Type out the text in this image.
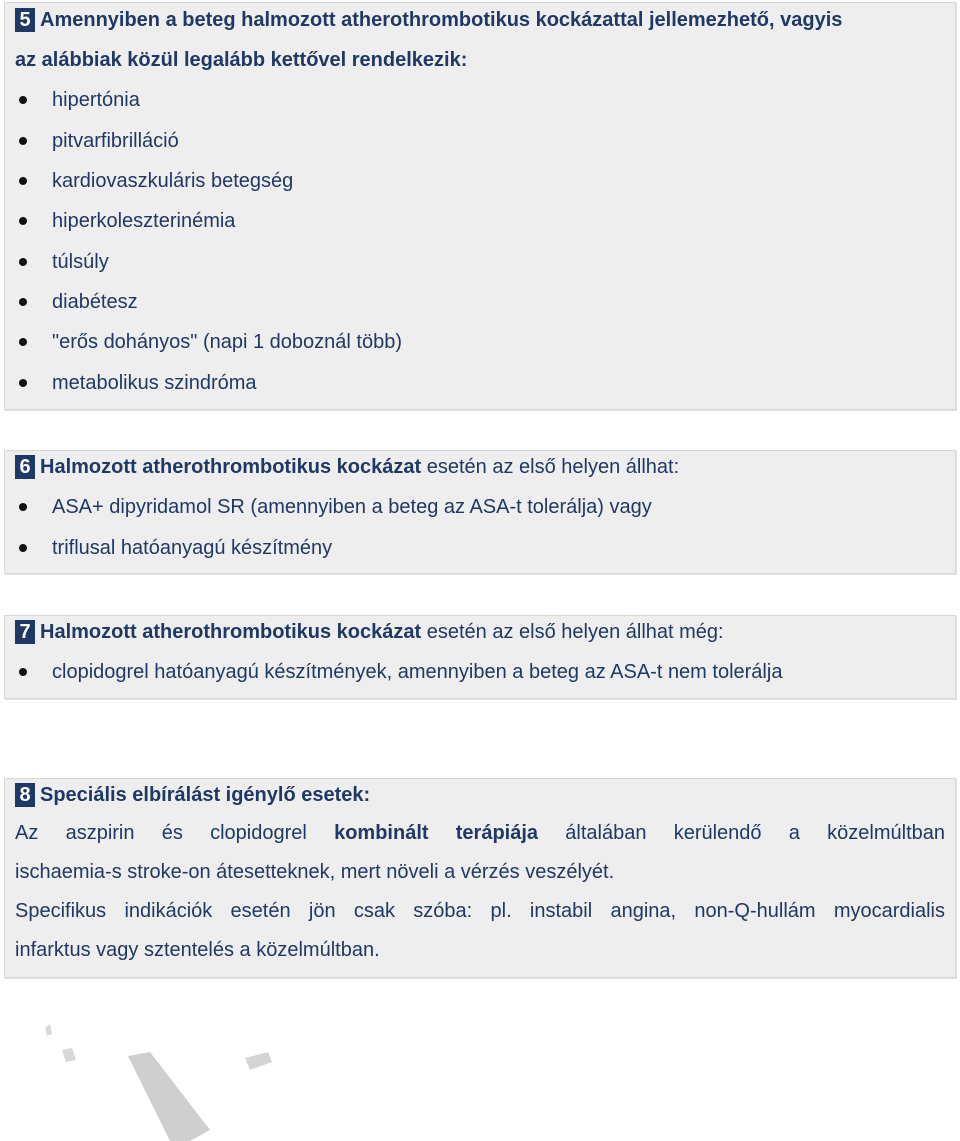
5 Amennyiben a beteg halmozott atherothrombotikus kockázattal jellemezhető, vagyis
az alábbiak közül legalább kettővel rendelkezik:
hipertónia
pitvarfibrilláció
kardiovaszkuláris betegség
hiperkoleszterinémia
túlsúly
diabétesz
"erős dohányos" (napi 1 doboznál több)
metabolikus szindróma
6 Halmozott atherothrombotikus kockázat esetén az első helyen állhat:
ASA+ dipyridamol SR (amennyiben a beteg az ASA-t tolerálja) vagy
triflusal hatóanyagú készítmény
7 Halmozott atherothrombotikus kockázat esetén az első helyen állhat még:
clopidogrel hatóanyagú készítmények, amennyiben a beteg az ASA-t nem tolerálja
8 Speciális elbírálást igénylő esetek:
Az aszpirin és clopidogrel kombinált terápiája általában kerülendő a közelmúltban
ischaemia-s stroke-on átesetteknek, mert növeli a vérzés veszélyét.
Specifikus indikációk esetén jön csak szóba: pl. instabil angina, non-Q-hullám myocardialis
infarktus vagy sztentelés a közelmúltban.
